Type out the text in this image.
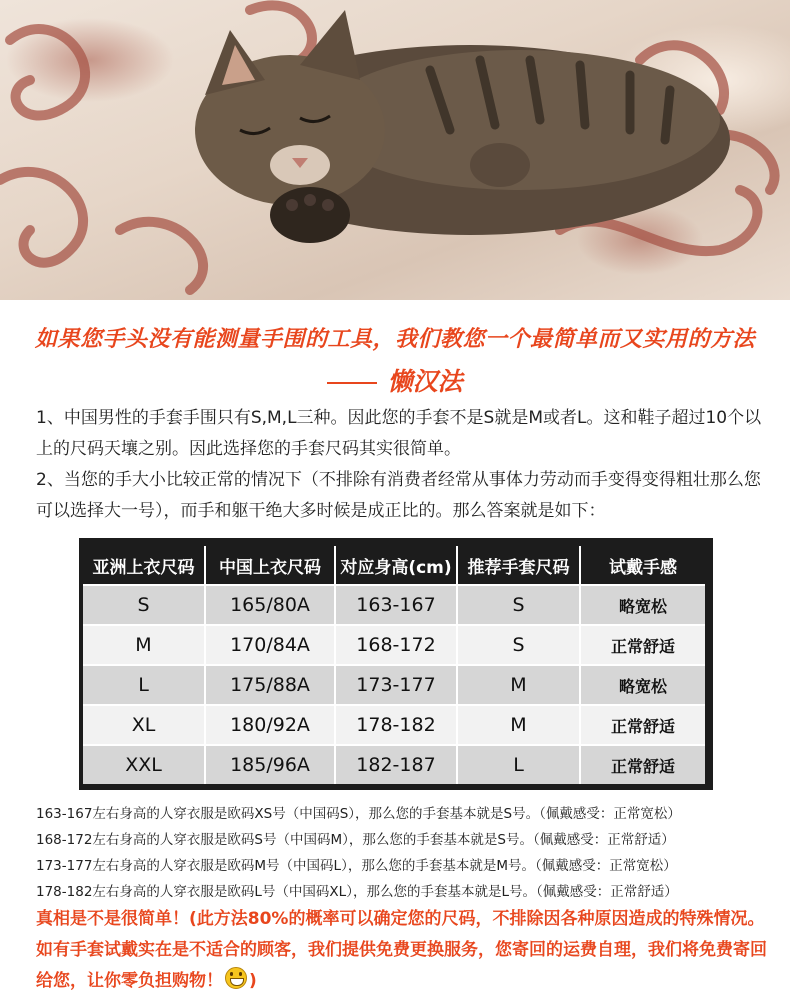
如果您手头没有能测量手围的工具，我们教您一个最简单而又实用的方法
懒汉法
1、中国男性的手套手围只有S,M,L三种。因此您的手套不是S就是M或者L。这和鞋子超过10个以上的尺码天壤之别。因此选择您的手套尺码其实很简单。
2、当您的手大小比较正常的情况下（不排除有消费者经常从事体力劳动而手变得变得粗壮那么您可以选择大一号），而手和躯干绝大多时候是成正比的。那么答案就是如下：
亚洲上衣尺码	中国上衣尺码	对应身高(cm)	推荐手套尺码	试戴手感
S	165/80A	163-167	S	略宽松
M	170/84A	168-172	S	正常舒适
L	175/88A	173-177	M	略宽松
XL	180/92A	178-182	M	正常舒适
XXL	185/96A	182-187	L	正常舒适
163-167左右身高的人穿衣服是欧码XS号（中国码S），那么您的手套基本就是S号。（佩戴感受：正常宽松）
168-172左右身高的人穿衣服是欧码S号（中国码M），那么您的手套基本就是S号。（佩戴感受：正常舒适）
173-177左右身高的人穿衣服是欧码M号（中国码L），那么您的手套基本就是M号。（佩戴感受：正常宽松）
178-182左右身高的人穿衣服是欧码L号（中国码XL），那么您的手套基本就是L号。（佩戴感受：正常舒适）
真相是不是很简单！(此方法80%的概率可以确定您的尺码，不排除因各种原因造成的特殊情况。如有手套试戴实在是不适合的顾客，我们提供免费更换服务，您寄回的运费自理，我们将免费寄回给您，让你零负担购物！ )
